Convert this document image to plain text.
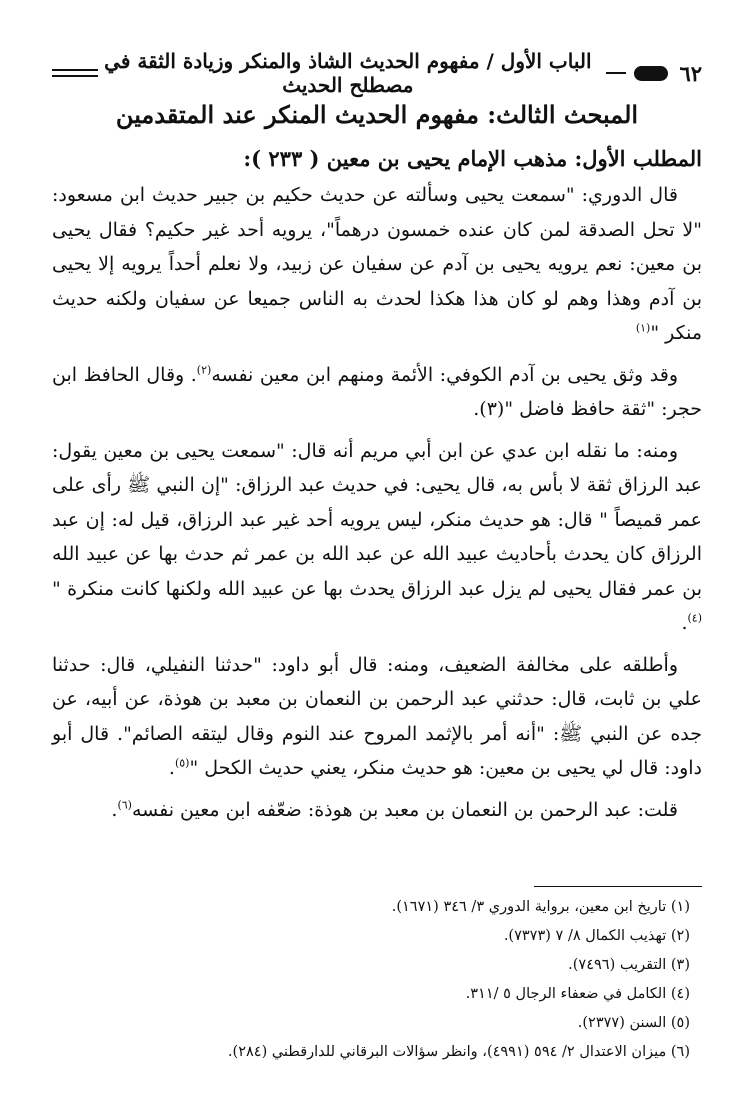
الباب الأول / مفهوم الحديث الشاذ والمنكر وزيادة الثقة في مصطلح الحديث	٦٢
المبحث الثالث: مفهوم الحديث المنكر عند المتقدمين
المطلب الأول: مذهب الإمام يحيى بن معين ( ٢٣٣ ):

قال الدوري: "سمعت يحيى وسألته عن حديث حكيم بن جبير حديث ابن مسعود: "لا تحل الصدقة لمن كان عنده خمسون درهماً"، يرويه أحد غير حكيم؟ فقال يحيى بن معين: نعم يرويه يحيى بن آدم عن سفيان عن زبيد، ولا نعلم أحداً يرويه إلا يحيى بن آدم وهذا وهم لو كان هذا هكذا لحدث به الناس جميعا عن سفيان ولكنه حديث منكر "$^{(١)}$

وقد وثق يحيى بن آدم الكوفي: الأئمة ومنهم ابن معين نفسه$^{(٢)}$. وقال الحافظ ابن حجر: "ثقة حافظ فاضل "(٣).

ومنه: ما نقله ابن عدي عن ابن أبي مريم أنه قال: "سمعت يحيى بن معين يقول: عبد الرزاق ثقة لا بأس به، قال يحيى: في حديث عبد الرزاق: "إن النبي ﷺ رأى على عمر قميصاً " قال: هو حديث منكر، ليس يرويه أحد غير عبد الرزاق، قيل له: إن عبد الرزاق كان يحدث بأحاديث عبيد الله عن عبد الله بن عمر ثم حدث بها عن عبيد الله بن عمر فقال يحيى لم يزل عبد الرزاق يحدث بها عن عبيد الله ولكنها كانت منكرة "$^{(٤)}$.

وأطلقه على مخالفة الضعيف، ومنه: قال أبو داود: "حدثنا النفيلي، قال: حدثنا علي بن ثابت، قال: حدثني عبد الرحمن بن النعمان بن معبد بن هوذة، عن أبيه، عن جده عن النبي ﷺ: "أنه أمر بالإثمد المروح عند النوم وقال ليتقه الصائم". قال أبو داود: قال لي يحيى بن معين: هو حديث منكر، يعني حديث الكحل "$^{(٥)}$.

قلت: عبد الرحمن بن النعمان بن معبد بن هوذة: ضعّفه ابن معين نفسه$^{(٦)}$.

(١) تاريخ ابن معين، برواية الدوري ٣/ ٣٤٦ (١٦٧١).
(٢) تهذيب الكمال ٨/ ٧ (٧٣٧٣).
(٣) التقريب (٧٤٩٦).
(٤) الكامل في ضعفاء الرجال ٥ /٣١١.
(٥) السنن (٢٣٧٧).
(٦) ميزان الاعتدال ٢/ ٥٩٤ (٤٩٩١)، وانظر سؤالات البرقاني للدارقطني (٢٨٤).
